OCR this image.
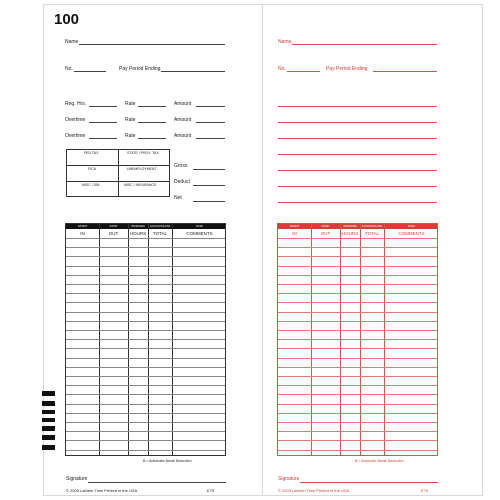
100
Name
No.	Pay Period Ending
Reg. Hrs.	Rate	Amount
Overtime	Rate	Amount
Overtime	Rate	Amount
FED TAX	STATE / PROV. TAX
FICA	UNEMPLOYMENT
MISC / DBI	MISC / INSURANCE
Gross
Deduct
Net
START	STOP	WORKED	ACCUMULATE	TASK
IN	OUT	HOURS	TOTAL	COMMENTS
B = Automatic Break Deduction
Signature
© 2003 Lathem Time Printed in the USA	E79
Name
No.	Pay Period Ending
START	STOP	WORKED	ACCUMULATE	TASK
IN	OUT	HOURS	TOTAL	COMMENTS
B = Automatic Break Deduction
Signature
© 2003 Lathem Time Printed in the USA	E79
